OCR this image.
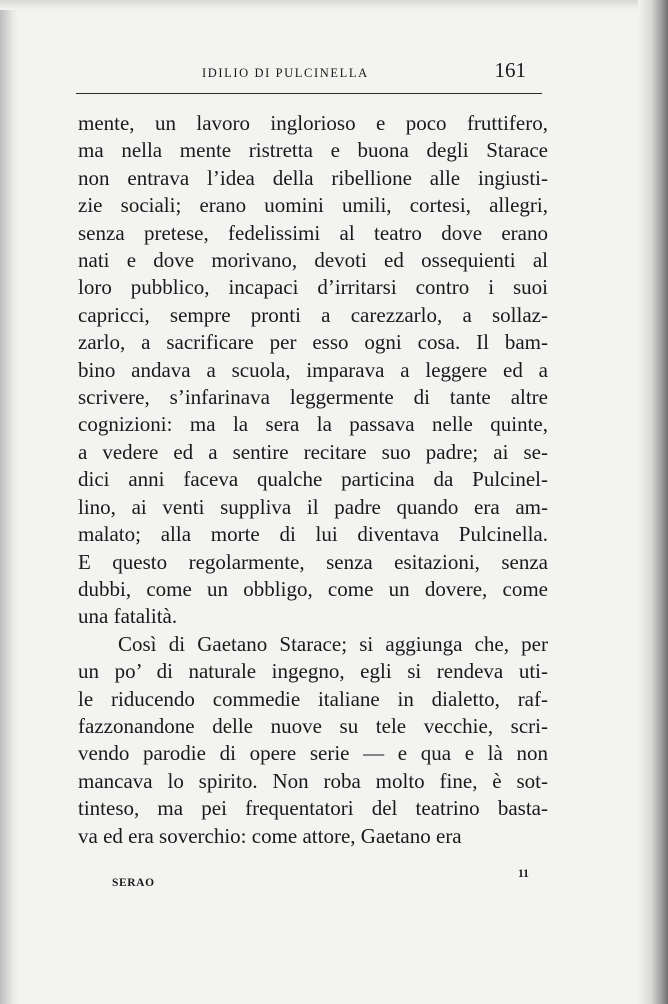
IDILIO DI PULCINELLA	161
mente, un lavoro inglorioso e poco fruttifero,
ma nella mente ristretta e buona degli Starace
non entrava l’idea della ribellione alle ingiusti-
zie sociali; erano uomini umili, cortesi, allegri,
senza pretese, fedelissimi al teatro dove erano
nati e dove morivano, devoti ed ossequienti al
loro pubblico, incapaci d’irritarsi contro i suoi
capricci, sempre pronti a carezzarlo, a sollaz-
zarlo, a sacrificare per esso ogni cosa. Il bam-
bino andava a scuola, imparava a leggere ed a
scrivere, s’infarinava leggermente di tante altre
cognizioni: ma la sera la passava nelle quinte,
a vedere ed a sentire recitare suo padre; ai se-
dici anni faceva qualche particina da Pulcinel-
lino, ai venti suppliva il padre quando era am-
malato; alla morte di lui diventava Pulcinella.
E questo regolarmente, senza esitazioni, senza
dubbi, come un obbligo, come un dovere, come
una fatalità.
Così di Gaetano Starace; si aggiunga che, per
un po’ di naturale ingegno, egli si rendeva uti-
le riducendo commedie italiane in dialetto, raf-
fazzonandone delle nuove su tele vecchie, scri-
vendo parodie di opere serie — e qua e là non
mancava lo spirito. Non roba molto fine, è sot-
tinteso, ma pei frequentatori del teatrino basta-
va ed era soverchio: come attore, Gaetano era
SERAO
11
